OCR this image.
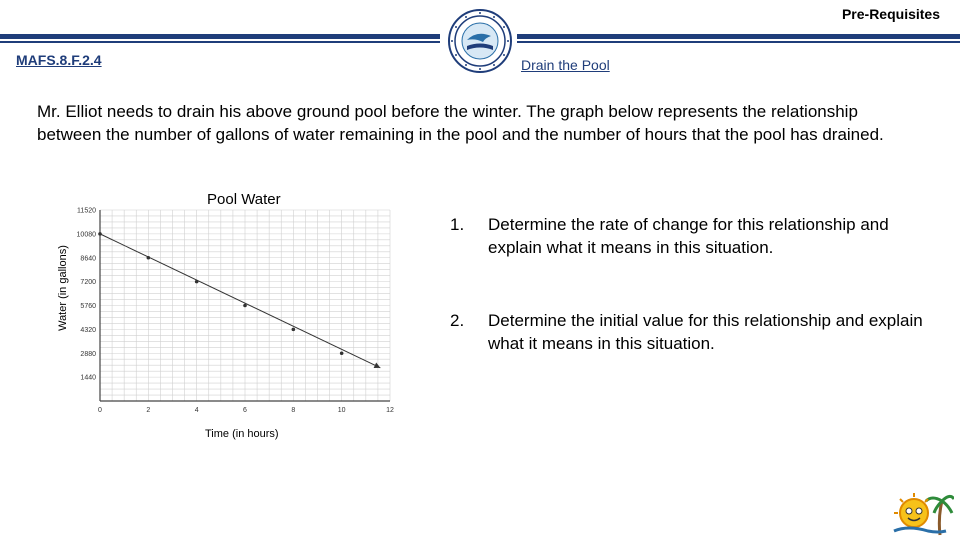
Pre-Requisites
MAFS.8.F.2.4	Drain the Pool
Mr. Elliot needs to drain his above ground pool before the winter. The graph below represents the relationship between the number of gallons of water remaining in the pool and the number of hours that the pool has drained.
Pool Water
Water (in gallons)
Time (in hours)
0	2	4	6	8	10	12
1440
2880
4320
5760
7200
8640
10080
11520
1.	Determine the rate of change for this relationship and explain what it means in this situation.
2.	Determine the initial value for this relationship and explain what it means in this situation.
